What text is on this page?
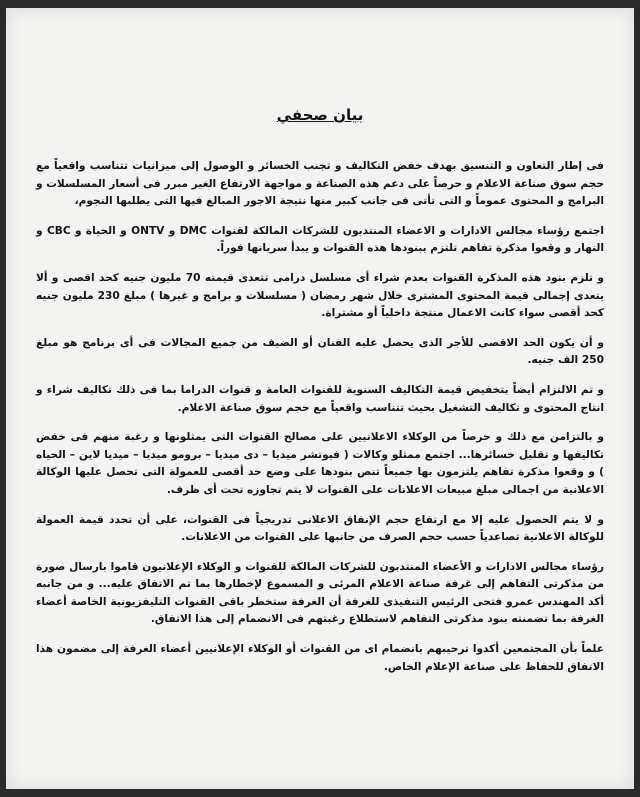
بيان صحفي

فى إطار التعاون و التنسيق بهدف خفض التكاليف و تجنب الخسائر و الوصول إلى ميزانيات تتناسب واقعياً مع حجم سوق صناعة الاعلام و حرصاً على دعم هذه الصناعة و مواجهة الارتفاع الغير مبرر فى أسعار المسلسلات و البرامج و المحتوى عموماً و التى تأتى فى جانب كبير منها نتيجة الاجور المبالغ فيها التى يطلبها النجوم،

اجتمع رؤساء مجالس الادارات و الاعضاء المنتدبون للشركات المالكة لقنوات DMC و ONTV و الحياة و CBC و النهار و وقعوا مذكرة تفاهم تلتزم ببنودها هذه القنوات و يبدأ سريانها فوراً.

و تلزم بنود هذه المذكرة القنوات بعدم شراء أى مسلسل درامى تتعدى قيمته 70 مليون جنيه كحد اقصى و ألا يتعدى إجمالى قيمة المحتوى المشترى خلال شهر رمضان ( مسلسلات و برامج و غيرها ) مبلغ 230 مليون جنيه كحد أقصى سواء كانت الاعمال منتجة داخلياً أو مشتراة.

و أن يكون الحد الاقصى للأجر الذى يحصل عليه الفنان أو الضيف من جميع المجالات فى أى برنامج هو مبلغ 250 الف جنيه.

و تم الالتزام أيضاً بتخفيض قيمة التكاليف السنوية للقنوات العامة و قنوات الدراما بما فى ذلك تكاليف شراء و انتاج المحتوى و تكاليف التشغيل بحيث تتناسب واقعياً مع حجم سوق صناعة الاعلام.

و بالتزامن مع ذلك و حرصاً من الوكلاء الاعلانيين على مصالح القنوات التى يمثلونها و رغبة منهم فى خفض تكاليفها و تقليل خسائرها... اجتمع ممثلو وكالات ( فيوتشر ميديا – دى ميديا – برومو ميديا – ميديا لاين – الحياه ) و وقعوا مذكرة تفاهم يلتزمون بها جميعاً تنص بنودها على وضع حد أقصى للعمولة التى تحصل عليها الوكالة الاعلانية من اجمالى مبلغ مبيعات الاعلانات على القنوات لا يتم تجاوزه تحت أى ظرف.

و لا يتم الحصول عليه إلا مع ارتفاع حجم الإنفاق الاعلانى تدريجياً فى القنوات، على أن تحدد قيمة العمولة للوكالة الاعلانية تصاعدياً حسب حجم الصرف من جانبها على القنوات من الاعلانات.

رؤساء مجالس الادارات و الأعضاء المنتدبون للشركات المالكة للقنوات و الوكلاء الإعلانيون قاموا بارسال صورة من مذكرتى التفاهم إلى غرفة صناعة الاعلام المرئى و المسموع لإخطارها بما تم الاتفاق عليه... و من جانبه أكد المهندس عمرو فتحى الرئيس التنفيذى للغرفة أن الغرفة ستخطر باقى القنوات التليفزيونية الخاصة أعضاء الغرفة بما تضمنته بنود مذكرتى التفاهم لاستطلاع رغبتهم فى الانضمام إلى هذا الاتفاق.

علماً بأن المجتمعين أكدوا ترحيبهم بانضمام اى من القنوات أو الوكلاء الإعلانيين أعضاء الغرفة إلى مضمون هذا الاتفاق للحفاظ على صناعة الإعلام الخاص.
